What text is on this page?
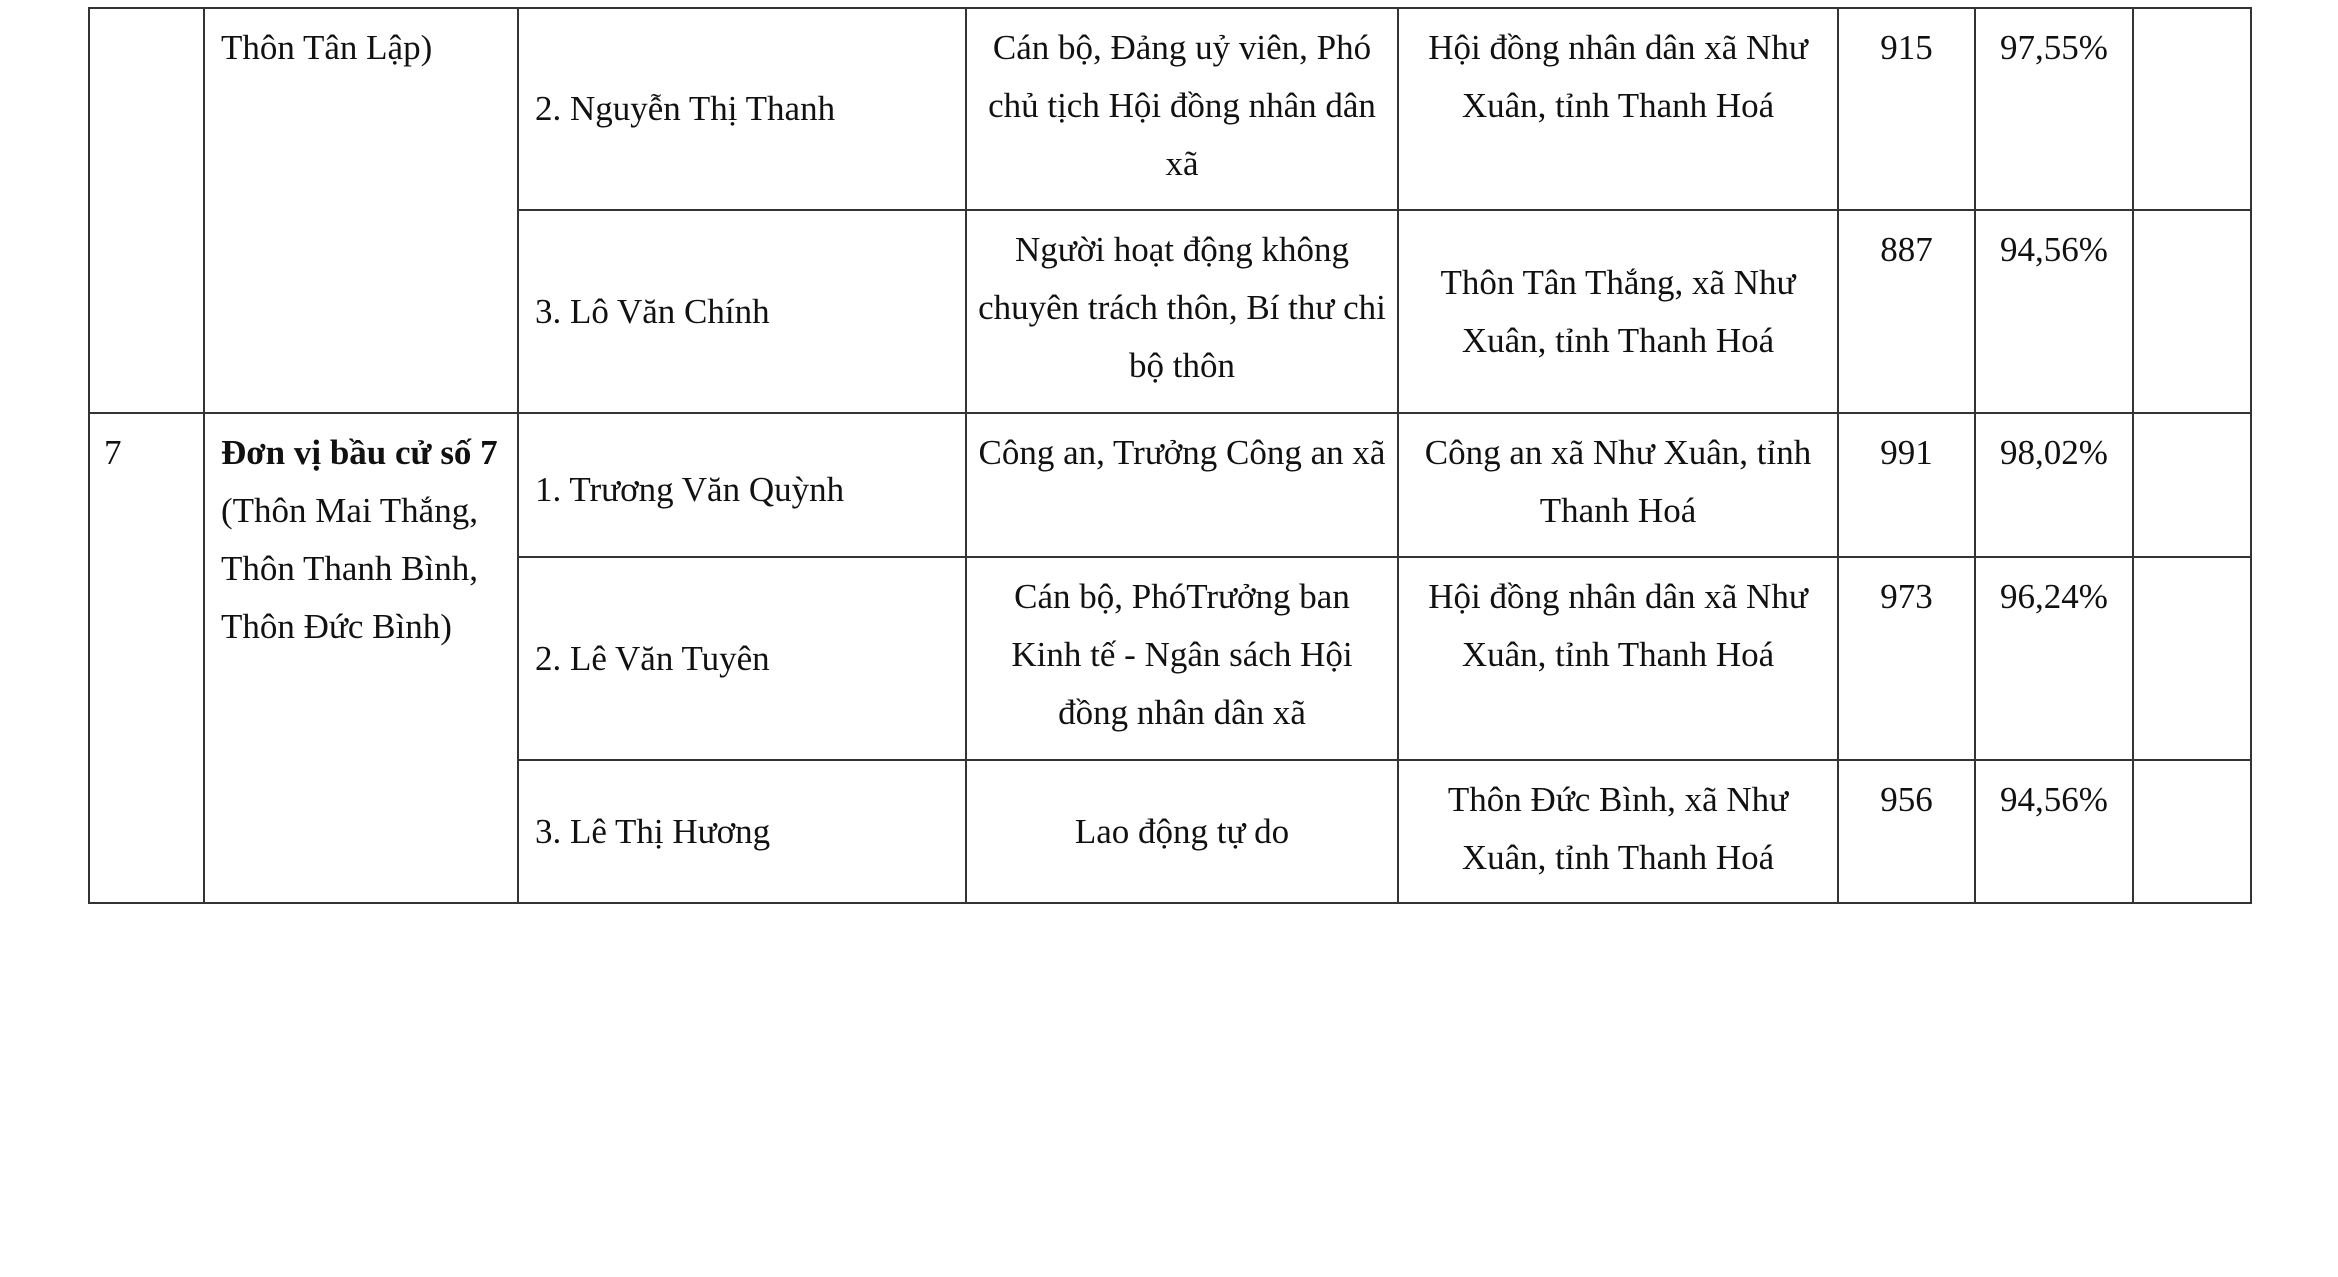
	Thôn Tân Lập)	2. Nguyễn Thị Thanh	Cán bộ, Đảng uỷ viên, Phó chủ tịch Hội đồng nhân dân xã	Hội đồng nhân dân xã Như Xuân, tỉnh Thanh Hoá	915	97,55%	
		3. Lô Văn Chính	Người hoạt động không chuyên trách thôn, Bí thư chi bộ thôn	Thôn Tân Thắng, xã Như Xuân, tỉnh Thanh Hoá	887	94,56%	
7	Đơn vị bầu cử số 7 (Thôn Mai Thắng, Thôn Thanh Bình, Thôn Đức Bình)	1. Trương Văn Quỳnh	Công an, Trưởng Công an xã	Công an xã Như Xuân, tỉnh Thanh Hoá	991	98,02%	
		2. Lê Văn Tuyên	Cán bộ, PhóTrưởng ban Kinh tế - Ngân sách Hội đồng nhân dân xã	Hội đồng nhân dân xã Như Xuân, tỉnh Thanh Hoá	973	96,24%	
		3. Lê Thị Hương	Lao động tự do	Thôn Đức Bình, xã Như Xuân, tỉnh Thanh Hoá	956	94,56%	
